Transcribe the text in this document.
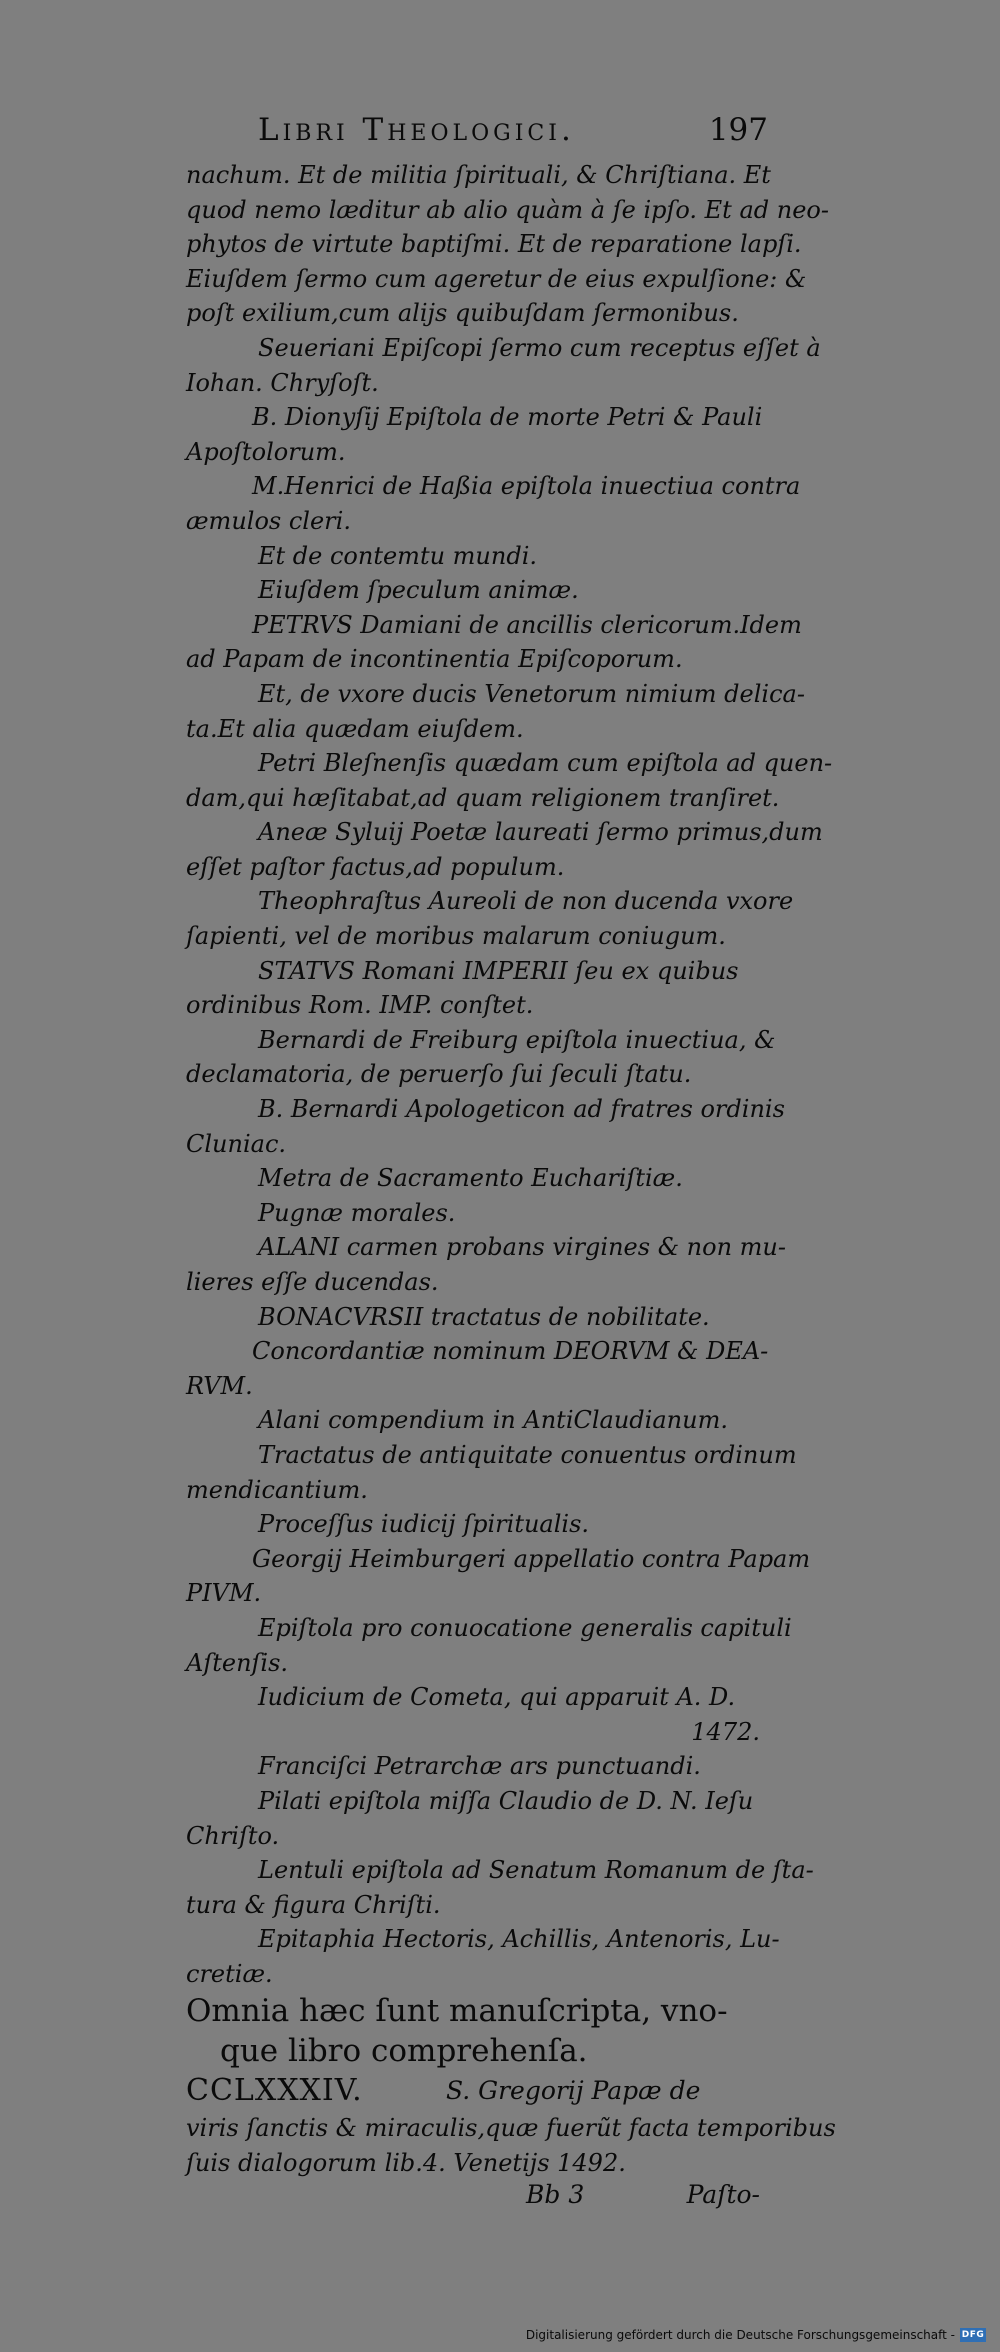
Libri Theologici.	197
nachum. Et de militia ſpirituali, & Chriſtiana. Et
quod nemo læditur ab alio quàm à ſe ipſo. Et ad neo-
phytos de virtute baptiſmi. Et de reparatione lapſi.
Eiuſdem ſermo cum ageretur de eius expulſione: &
poſt exilium,cum alijs quibuſdam ſermonibus.
Seueriani Epiſcopi ſermo cum receptus eſſet à
Iohan. Chryſoſt.
B. Dionyſij Epiſtola de morte Petri & Pauli
Apoſtolorum.
M.Henrici de Haßia epiſtola inuectiua contra
æmulos cleri.
Et de contemtu mundi.
Eiuſdem ſpeculum animæ.
PETRVS Damiani de ancillis clericorum.Idem
ad Papam de incontinentia Epiſcoporum.
Et, de vxore ducis Venetorum nimium delica-
ta.Et alia quædam eiuſdem.
Petri Bleſnenſis quædam cum epiſtola ad quen-
dam,qui hæſitabat,ad quam religionem tranſiret.
Aneæ Syluij Poetæ laureati ſermo primus,dum
eſſet paſtor factus,ad populum.
Theophraſtus Aureoli de non ducenda vxore
ſapienti, vel de moribus malarum coniugum.
STATVS Romani IMPERII ſeu ex quibus
ordinibus Rom. IMP. conſtet.
Bernardi de Freiburg epiſtola inuectiua, &
declamatoria, de peruerſo ſui ſeculi ſtatu.
B. Bernardi Apologeticon ad fratres ordinis
Cluniac.
Metra de Sacramento Euchariſtiæ.
Pugnæ morales.
ALANI carmen probans virgines & non mu-
lieres eſſe ducendas.
BONACVRSII tractatus de nobilitate.
Concordantiæ nominum DEORVM & DEA-
RVM.
Alani compendium in AntiClaudianum.
Tractatus de antiquitate conuentus ordinum
mendicantium.
Proceſſus iudicij ſpiritualis.
Georgij Heimburgeri appellatio contra Papam
PIVM.
Epiſtola pro conuocatione generalis capituli
Aſtenſis.
Iudicium de Cometa, qui apparuit A. D.
1472.
Franciſci Petrarchæ ars punctuandi.
Pilati epiſtola miſſa Claudio de D. N. Ieſu
Chriſto.
Lentuli epiſtola ad Senatum Romanum de ſta-
tura & figura Chriſti.
Epitaphia Hectoris, Achillis, Antenoris, Lu-
cretiæ.
Omnia hæc ſunt manuſcripta, vno-
que libro comprehenſa.
CCLXXXIV.	S. Gregorij Papæ de
viris ſanctis & miraculis,quæ fuerũt facta temporibus
ſuis dialogorum lib.4. Venetijs 1492.
Bb 3	Paſto-
Digitalisierung gefördert durch die Deutsche Forschungsgemeinschaft - DFG
